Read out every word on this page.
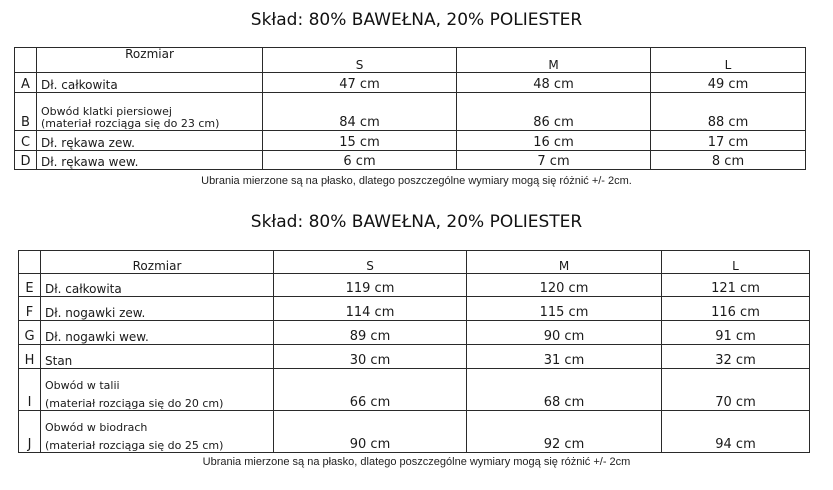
Skład: 80% BAWEŁNA, 20% POLIESTER
	Rozmiar	S	M	L
A	Dł. całkowita	47 cm	48 cm	49 cm
B	Obwód klatki piersiowej
(materiał rozciąga się do 23 cm)	84 cm	86 cm	88 cm
C	Dł. rękawa zew.	15 cm	16 cm	17 cm
D	Dł. rękawa wew.	6 cm	7 cm	8 cm
Ubrania mierzone są na płasko, dlatego poszczególne wymiary mogą się różnić +/- 2cm.
Skład: 80% BAWEŁNA, 20% POLIESTER
	Rozmiar	S	M	L
E	Dł. całkowita	119 cm	120 cm	121 cm
F	Dł. nogawki zew.	114 cm	115 cm	116 cm
G	Dł. nogawki wew.	89 cm	90 cm	91 cm
H	Stan	30 cm	31 cm	32 cm
I	Obwód w talii
(materiał rozciąga się do 20 cm)	66 cm	68 cm	70 cm
J	Obwód w biodrach
(materiał rozciąga się do 25 cm)	90 cm	92 cm	94 cm
Ubrania mierzone są na płasko, dlatego poszczególne wymiary mogą się różnić +/- 2cm
